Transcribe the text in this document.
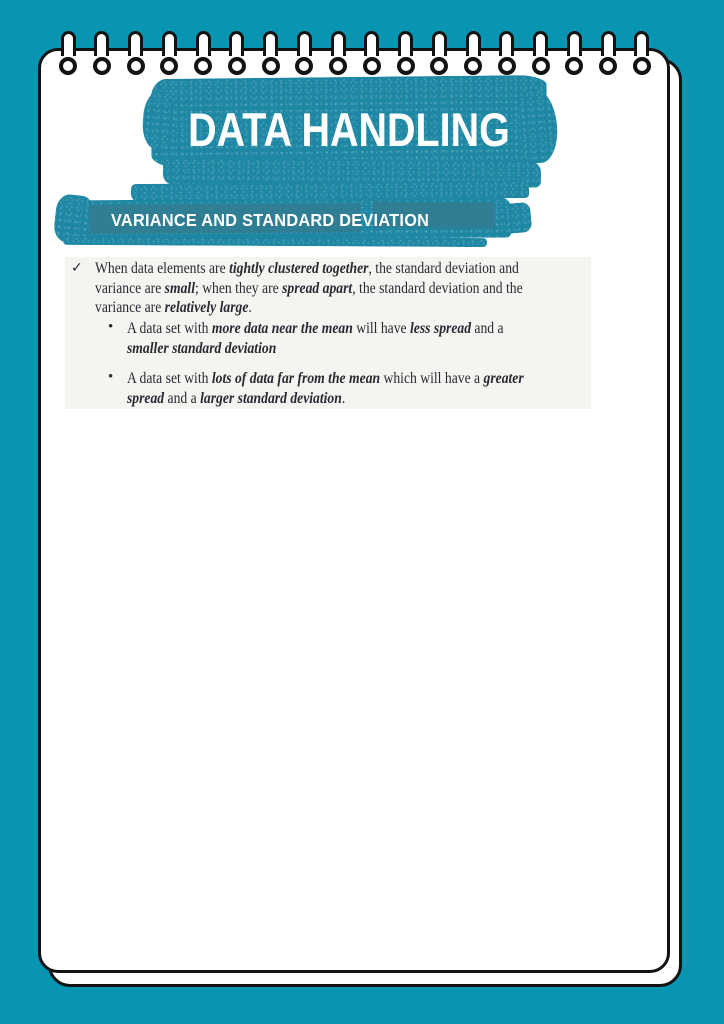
DATA HANDLING
VARIANCE AND STANDARD DEVIATION
✓ When data elements are tightly clustered together, the standard deviation and
variance are small; when they are spread apart, the standard deviation and the
variance are relatively large.
• A data set with more data near the mean will have less spread and a
smaller standard deviation
• A data set with lots of data far from the mean which will have a greater
spread and a larger standard deviation.
